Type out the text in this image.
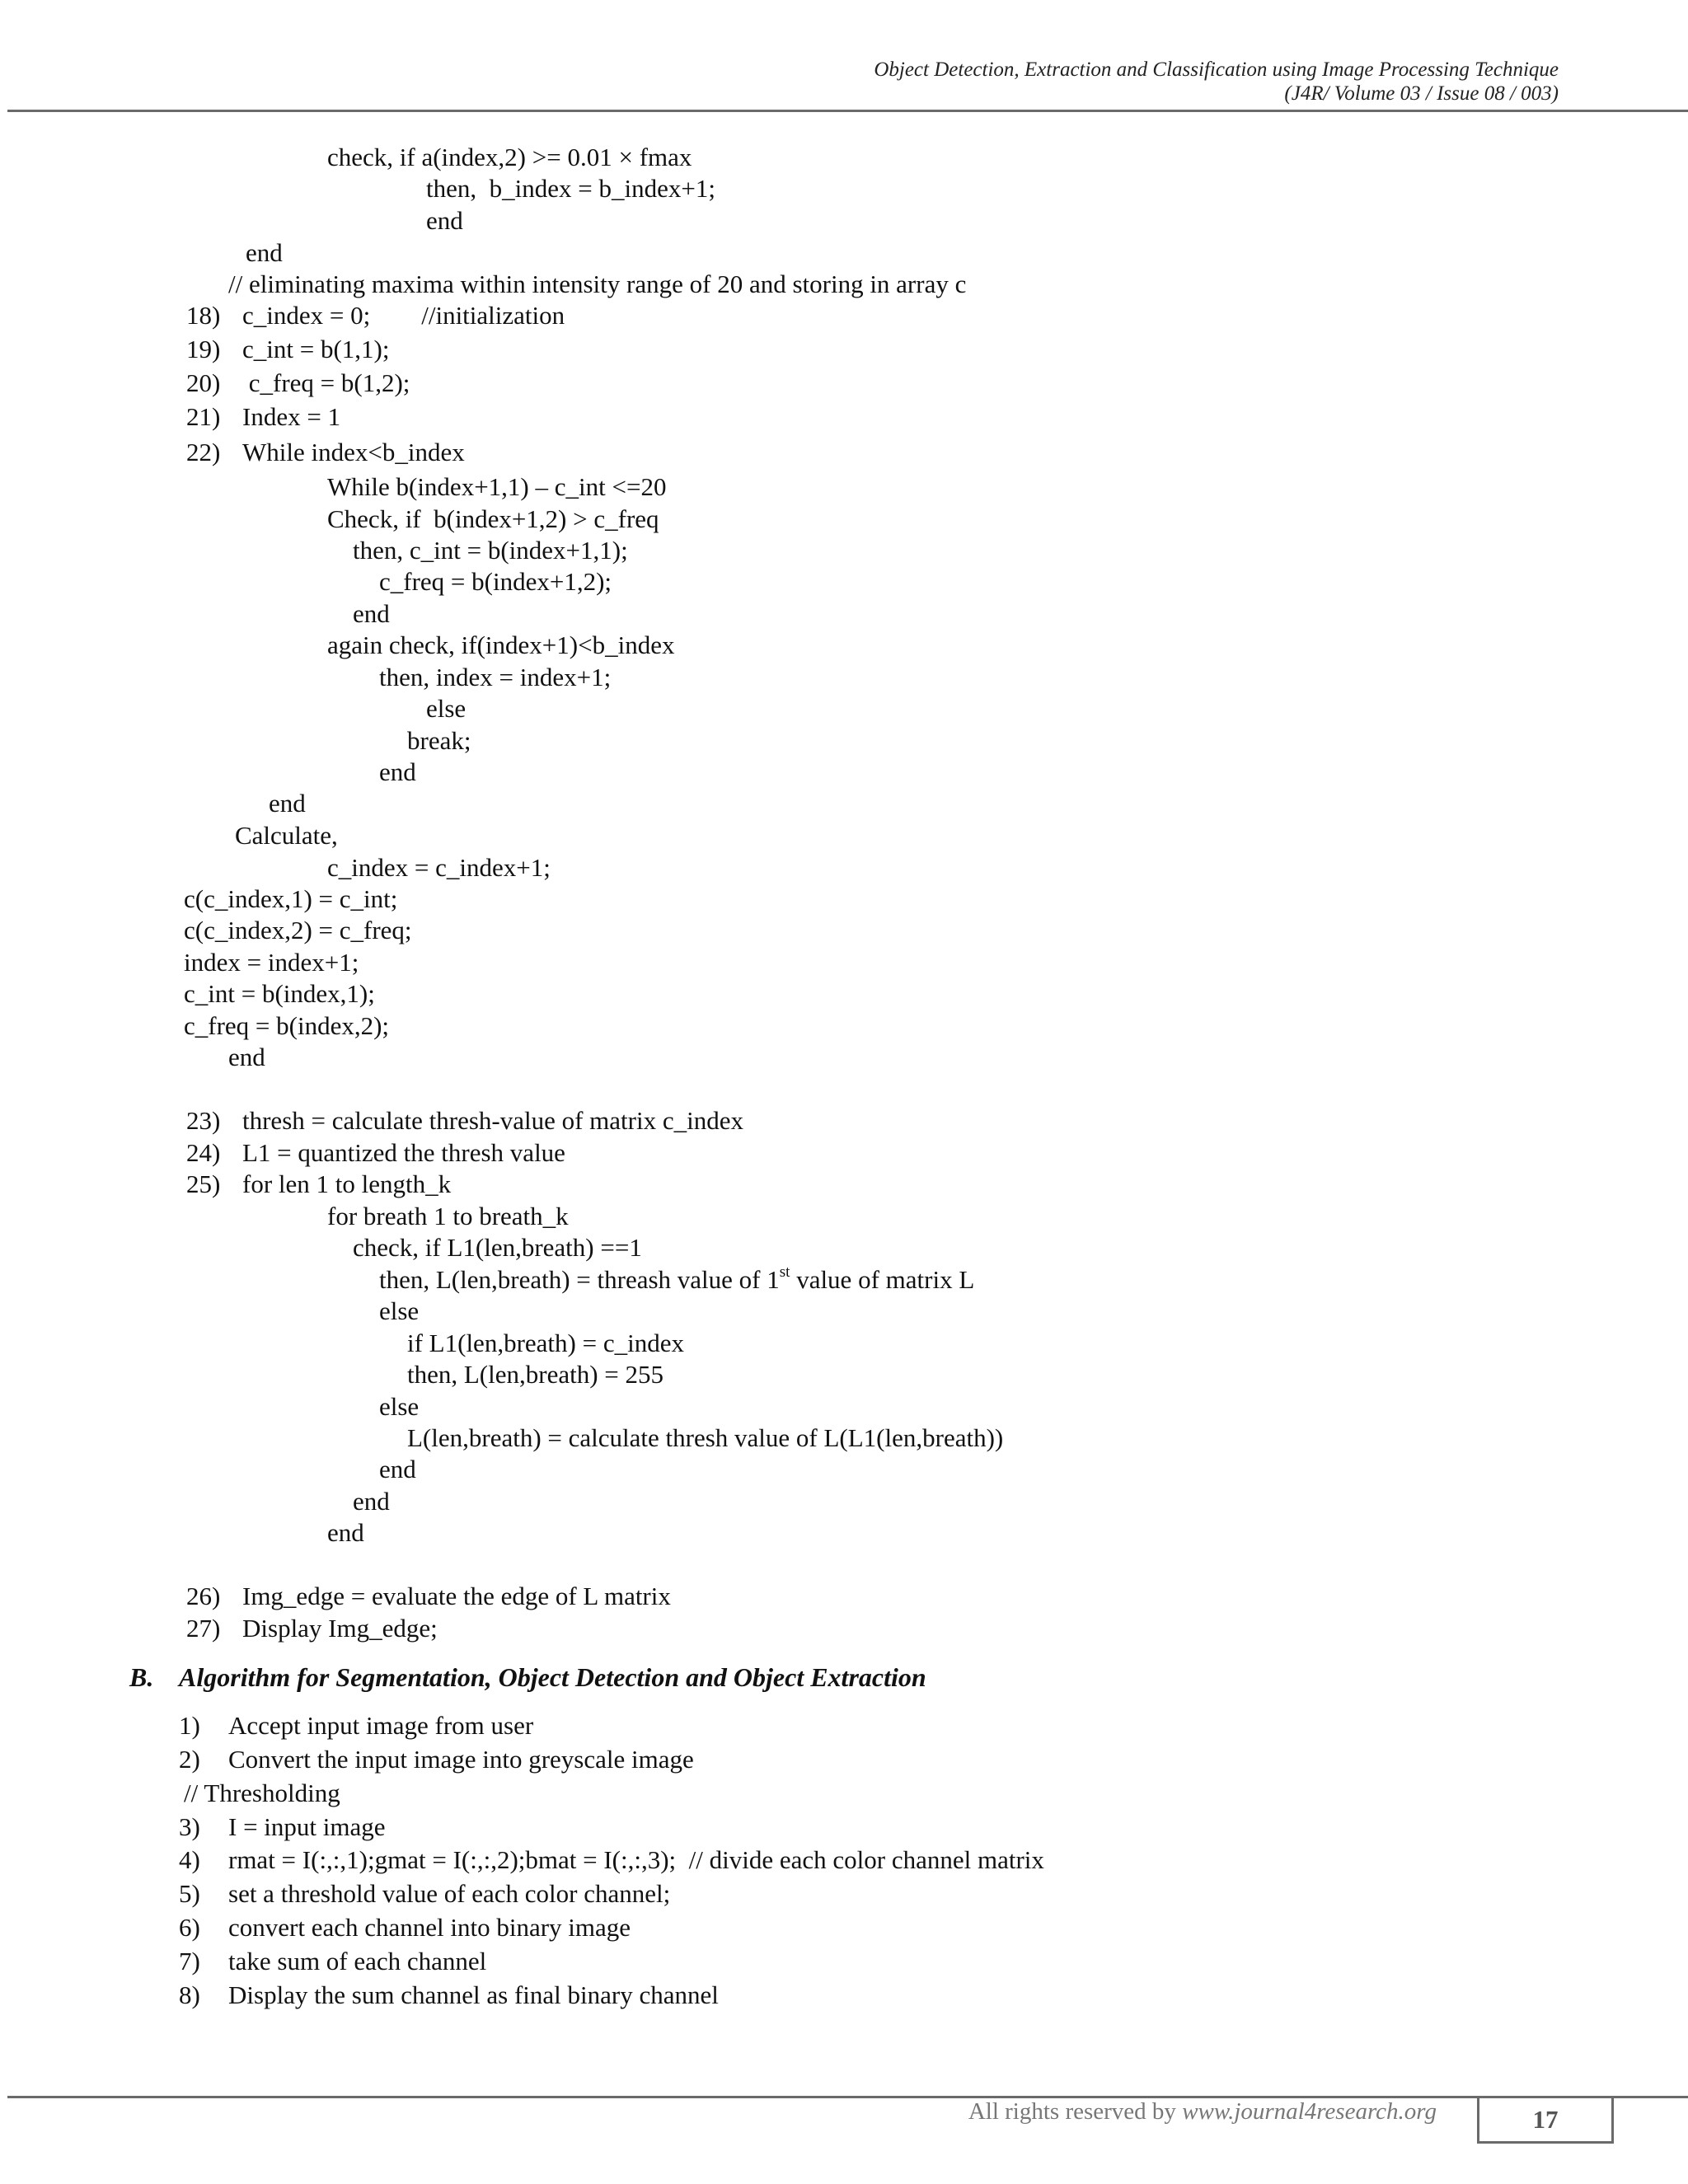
Object Detection, Extraction and Classification using Image Processing Technique
(J4R/ Volume 03 / Issue 08 / 003)
check, if a(index,2) >= 0.01 × fmax
then,  b_index = b_index+1;
end
end
// eliminating maxima within intensity range of 20 and storing in array c
18) c_index = 0;        //initialization
19) c_int = b(1,1);
20) c_freq = b(1,2);
21) Index = 1
22) While index<b_index
While b(index+1,1) – c_int <=20
Check, if  b(index+1,2) > c_freq
then, c_int = b(index+1,1);
c_freq = b(index+1,2);
end
again check, if(index+1)<b_index
then, index = index+1;
else
break;
end
end
Calculate,
c_index = c_index+1;
c(c_index,1) = c_int;
c(c_index,2) = c_freq;
index = index+1;
c_int = b(index,1);
c_freq = b(index,2);
end
23) thresh = calculate thresh-value of matrix c_index
24) L1 = quantized the thresh value
25) for len 1 to length_k
for breath 1 to breath_k
check, if L1(len,breath) ==1
then, L(len,breath) = threash value of 1st value of matrix L
else
if L1(len,breath) = c_index
then, L(len,breath) = 255
else
L(len,breath) = calculate thresh value of L(L1(len,breath))
end
end
end
26) Img_edge = evaluate the edge of L matrix
27) Display Img_edge;
B. Algorithm for Segmentation, Object Detection and Object Extraction
1) Accept input image from user
2) Convert the input image into greyscale image
// Thresholding
3) I = input image
4) rmat = I(:,:,1);gmat = I(:,:,2);bmat = I(:,:,3);  // divide each color channel matrix
5) set a threshold value of each color channel;
6) convert each channel into binary image
7) take sum of each channel
8) Display the sum channel as final binary channel
All rights reserved by www.journal4research.org	17
